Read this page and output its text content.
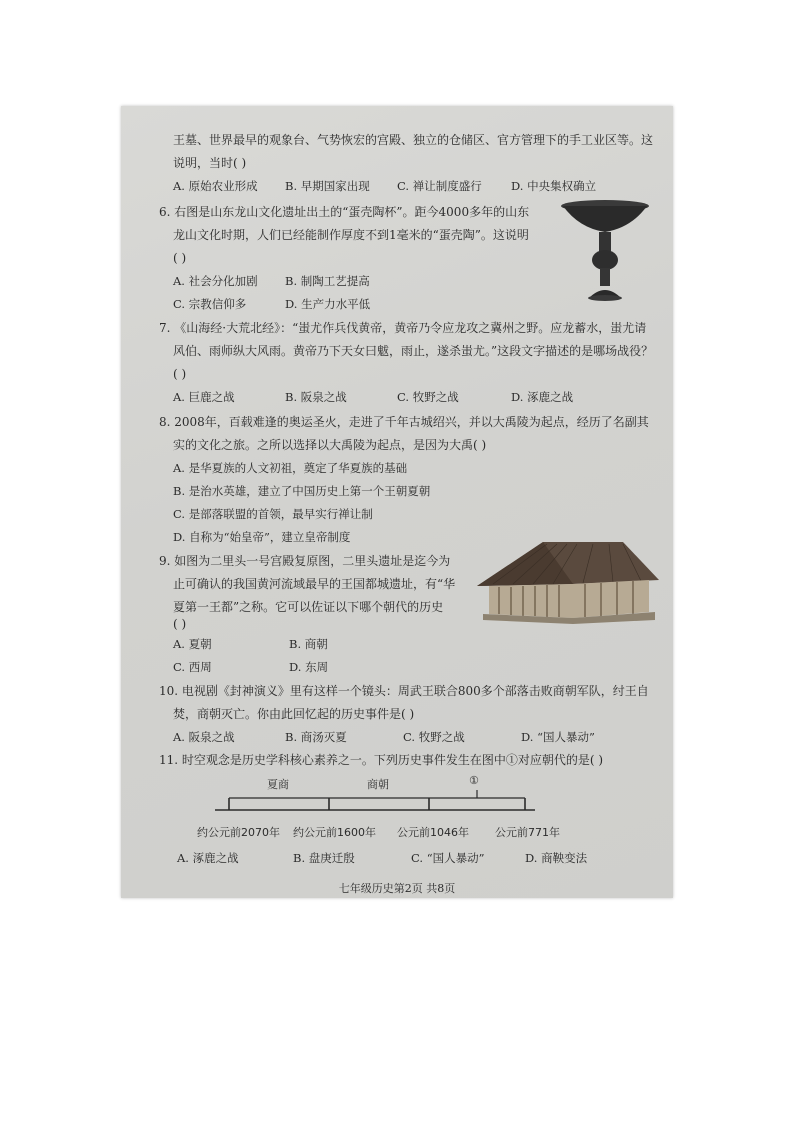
王墓、世界最早的观象台、气势恢宏的宫殿、独立的仓储区、官方管理下的手工业区等。这
说明，当时( )
A. 原始农业形成 B. 早期国家出现 C. 禅让制度盛行	D. 中央集权确立
6. 右图是山东龙山文化遗址出土的“蛋壳陶杯”。距今4000多年的山东
龙山文化时期，人们已经能制作厚度不到1毫米的“蛋壳陶”。这说明
( )
A. 社会分化加剧 B. 制陶工艺提高
C. 宗教信仰多	D. 生产力水平低
7. 《山海经·大荒北经》：“蚩尤作兵伐黄帝，黄帝乃令应龙攻之冀州之野。应龙蓄水，蚩尤请
风伯、雨师纵大风雨。黄帝乃下天女曰魃，雨止，遂杀蚩尤。”这段文字描述的是哪场战役？
( )
A. 巨鹿之战	B. 阪泉之战	C. 牧野之战	D. 涿鹿之战
8. 2008年，百载难逢的奥运圣火，走进了千年古城绍兴，并以大禹陵为起点，经历了名副其
实的文化之旅。之所以选择以大禹陵为起点，是因为大禹( )
A. 是华夏族的人文初祖，奠定了华夏族的基础
B. 是治水英雄，建立了中国历史上第一个王朝夏朝
C. 是部落联盟的首领，最早实行禅让制
D. 自称为“始皇帝”，建立皇帝制度
9. 如图为二里头一号宫殿复原图，二里头遗址是迄今为
止可确认的我国黄河流域最早的王国都城遗址，有“华
夏第一王都”之称。它可以佐证以下哪个朝代的历史
( )
A. 夏朝	B. 商朝
C. 西周	D. 东周
10. 电视剧《封神演义》里有这样一个镜头：周武王联合800多个部落击败商朝军队，纣王自
焚，商朝灭亡。你由此回忆起的历史事件是( )
A. 阪泉之战	B. 商汤灭夏	C. 牧野之战	D. “国人暴动”
11. 时空观念是历史学科核心素养之一。下列历史事件发生在图中①对应朝代的是( )
夏商	商朝	①
约公元前2070年 约公元前1600年 公元前1046年 公元前771年
A. 涿鹿之战	B. 盘庚迁殷	C. “国人暴动”	D. 商鞅变法
七年级历史第2页 共8页
